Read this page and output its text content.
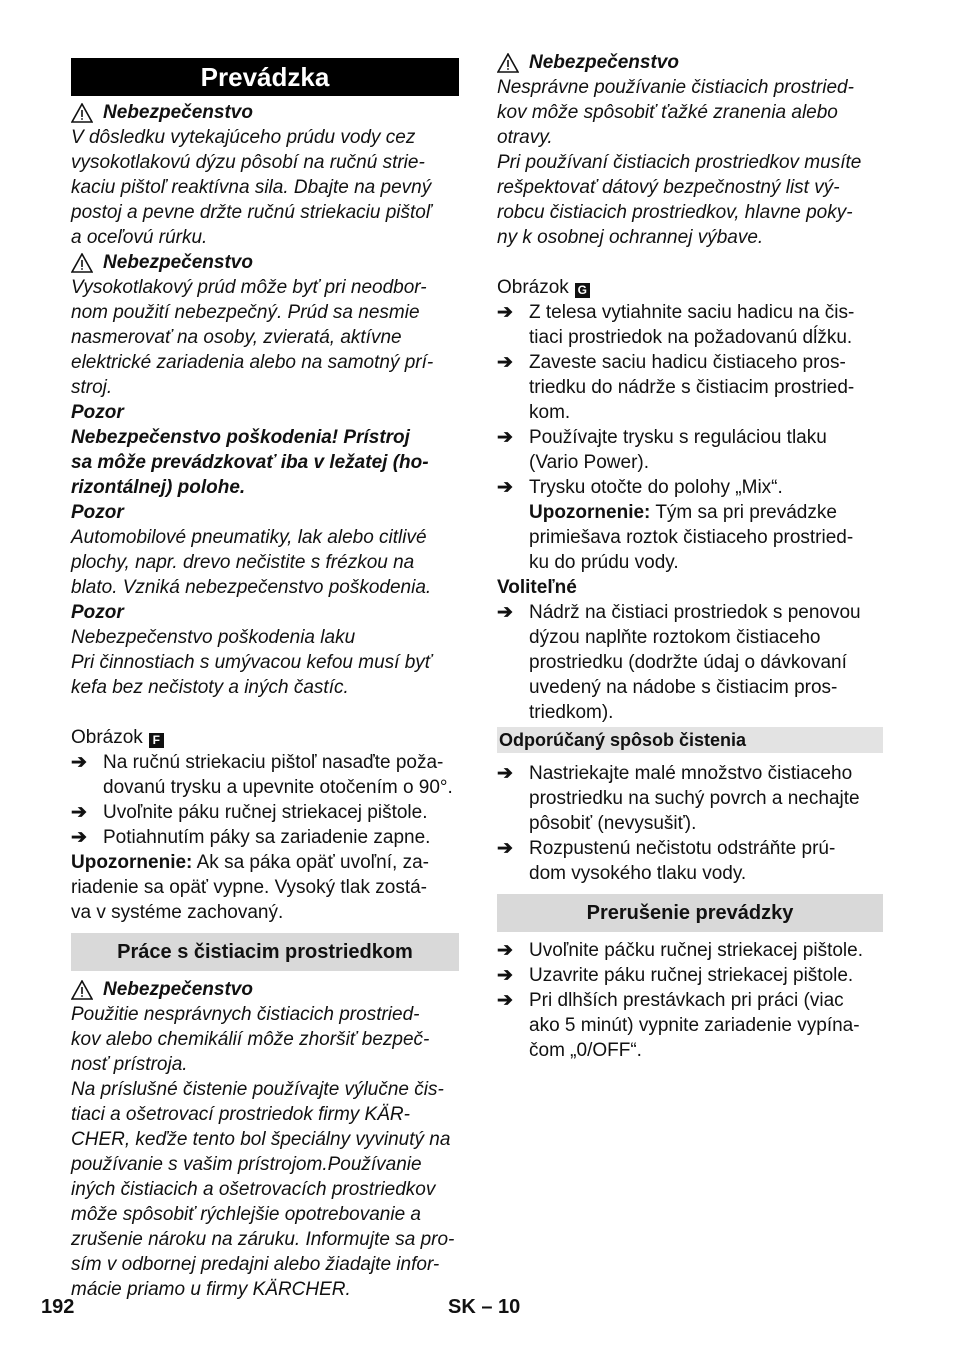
Prevádzka
Nebezpečenstvo
V dôsledku vytekajúceho prúdu vody cez
vysokotlakovú dýzu pôsobí na ručnú strie-
kaciu pištoľ reaktívna sila. Dbajte na pevný
postoj a pevne držte ručnú striekaciu pištoľ
a oceľovú rúrku.
Nebezpečenstvo
Vysokotlakový prúd môže byť pri neodbor-
nom použití nebezpečný. Prúd sa nesmie
nasmerovať na osoby, zvieratá, aktívne
elektrické zariadenia alebo na samotný prí-
stroj.
Pozor
Nebezpečenstvo poškodenia! Prístroj
sa môže prevádzkovať iba v ležatej (ho-
rizontálnej) polohe.
Pozor
Automobilové pneumatiky, lak alebo citlivé
plochy, napr. drevo nečistite s frézkou na
blato. Vzniká nebezpečenstvo poškodenia.
Pozor
Nebezpečenstvo poškodenia laku
Pri činnostiach s umývacou kefou musí byť
kefa bez nečistoty a iných častíc.

Obrázok F

➔ Na ručnú striekaciu pištoľ nasaďte poža-
dovanú trysku a upevnite otočením o 90°.
➔ Uvoľnite páku ručnej striekacej pištole.
➔ Potiahnutím páky sa zariadenie zapne.
Upozornenie: Ak sa páka opäť uvoľní, za-
riadenie sa opäť vypne. Vysoký tlak zostá-
va v systéme zachovaný.
Práce s čistiacim prostriedkom
Nebezpečenstvo
Použitie nesprávnych čistiacich prostried-
kov alebo chemikálií môže zhoršiť bezpeč-
nosť prístroja.
Na príslušné čistenie používajte výlučne čis-
tiaci a ošetrovací prostriedok firmy KÄR-
CHER, keďže tento bol špeciálny vyvinutý na
používanie s vašim prístrojom.Používanie
iných čistiacich a ošetrovacích prostriedkov
môže spôsobiť rýchlejšie opotrebovanie a
zrušenie nároku na záruku. Informujte sa pro-
sím v odbornej predajni alebo žiadajte infor-
mácie priamo u firmy KÄRCHER.
Nebezpečenstvo
Nesprávne používanie čistiacich prostried-
kov môže spôsobiť ťažké zranenia alebo
otravy.
Pri používaní čistiacich prostriedkov musíte
rešpektovať dátový bezpečnostný list vý-
robcu čistiacich prostriedkov, hlavne poky-
ny k osobnej ochrannej výbave.

Obrázok G

➔ Z telesa vytiahnite saciu hadicu na čis-
tiaci prostriedok na požadovanú dĺžku.
➔ Zaveste saciu hadicu čistiaceho pros-
triedku do nádrže s čistiacim prostried-
kom.
➔ Používajte trysku s reguláciou tlaku
(Vario Power).
➔ Trysku otočte do polohy „Mix“.
Upozornenie: Tým sa pri prevádzke
primiešava roztok čistiaceho prostried-
ku do prúdu vody.
Voliteľné
➔ Nádrž na čistiaci prostriedok s penovou
dýzou naplňte roztokom čistiaceho
prostriedku (dodržte údaj o dávkovaní
uvedený na nádobe s čistiacim pros-
triedkom).
Odporúčaný spôsob čistenia
➔ Nastriekajte malé množstvo čistiaceho
prostriedku na suchý povrch a nechajte
pôsobiť (nevysušiť).
➔ Rozpustenú nečistotu odstráňte prú-
dom vysokého tlaku vody.
Prerušenie prevádzky
➔ Uvoľnite páčku ručnej striekacej pištole.
➔ Uzavrite páku ručnej striekacej pištole.
➔ Pri dlhších prestávkach pri práci (viac
ako 5 minút) vypnite zariadenie vypína-
čom „0/OFF“.
192	SK – 10
